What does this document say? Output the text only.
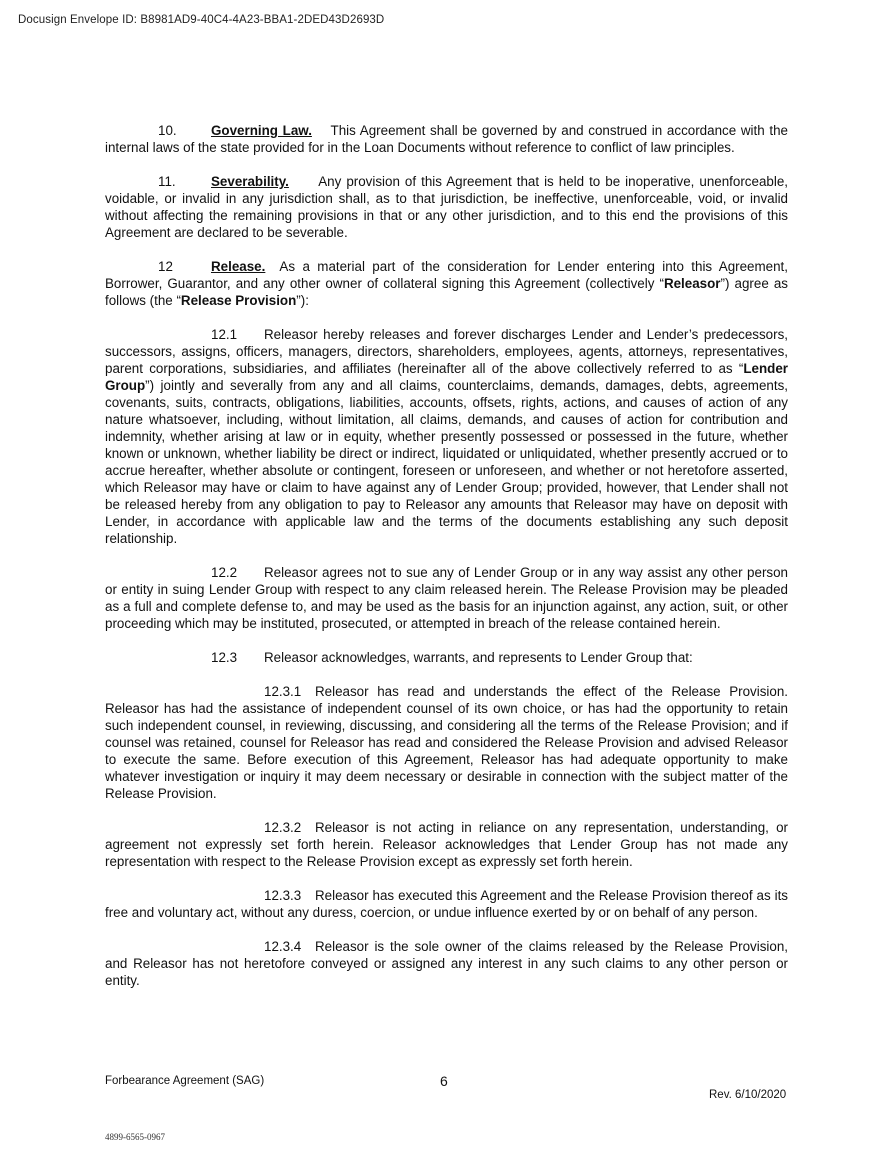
Docusign Envelope ID: B8981AD9-40C4-4A23-BBA1-2DED43D2693D

10.	Governing Law. This Agreement shall be governed by and construed in accordance with the internal laws of the state provided for in the Loan Documents without reference to conflict of law principles.

11.	Severability. Any provision of this Agreement that is held to be inoperative, unenforceable, voidable, or invalid in any jurisdiction shall, as to that jurisdiction, be ineffective, unenforceable, void, or invalid without affecting the remaining provisions in that or any other jurisdiction, and to this end the provisions of this Agreement are declared to be severable.

12	Release. As a material part of the consideration for Lender entering into this Agreement, Borrower, Guarantor, and any other owner of collateral signing this Agreement (collectively “Releasor”) agree as follows (the “Release Provision”):

12.1 Releasor hereby releases and forever discharges Lender and Lender’s predecessors, successors, assigns, officers, managers, directors, shareholders, employees, agents, attorneys, representatives, parent corporations, subsidiaries, and affiliates (hereinafter all of the above collectively referred to as “Lender Group”) jointly and severally from any and all claims, counterclaims, demands, damages, debts, agreements, covenants, suits, contracts, obligations, liabilities, accounts, offsets, rights, actions, and causes of action of any nature whatsoever, including, without limitation, all claims, demands, and causes of action for contribution and indemnity, whether arising at law or in equity, whether presently possessed or possessed in the future, whether known or unknown, whether liability be direct or indirect, liquidated or unliquidated, whether presently accrued or to accrue hereafter, whether absolute or contingent, foreseen or unforeseen, and whether or not heretofore asserted, which Releasor may have or claim to have against any of Lender Group; provided, however, that Lender shall not be released hereby from any obligation to pay to Releasor any amounts that Releasor may have on deposit with Lender, in accordance with applicable law and the terms of the documents establishing any such deposit relationship.

12.2 Releasor agrees not to sue any of Lender Group or in any way assist any other person or entity in suing Lender Group with respect to any claim released herein. The Release Provision may be pleaded as a full and complete defense to, and may be used as the basis for an injunction against, any action, suit, or other proceeding which may be instituted, prosecuted, or attempted in breach of the release contained herein.

12.3 Releasor acknowledges, warrants, and represents to Lender Group that:

12.3.1 Releasor has read and understands the effect of the Release Provision. Releasor has had the assistance of independent counsel of its own choice, or has had the opportunity to retain such independent counsel, in reviewing, discussing, and considering all the terms of the Release Provision; and if counsel was retained, counsel for Releasor has read and considered the Release Provision and advised Releasor to execute the same. Before execution of this Agreement, Releasor has had adequate opportunity to make whatever investigation or inquiry it may deem necessary or desirable in connection with the subject matter of the Release Provision.

12.3.2 Releasor is not acting in reliance on any representation, understanding, or agreement not expressly set forth herein. Releasor acknowledges that Lender Group has not made any representation with respect to the Release Provision except as expressly set forth herein.

12.3.3 Releasor has executed this Agreement and the Release Provision thereof as its free and voluntary act, without any duress, coercion, or undue influence exerted by or on behalf of any person.

12.3.4 Releasor is the sole owner of the claims released by the Release Provision, and Releasor has not heretofore conveyed or assigned any interest in any such claims to any other person or entity.

Forbearance Agreement (SAG)	6
Rev. 6/10/2020
4899-6565-0967
